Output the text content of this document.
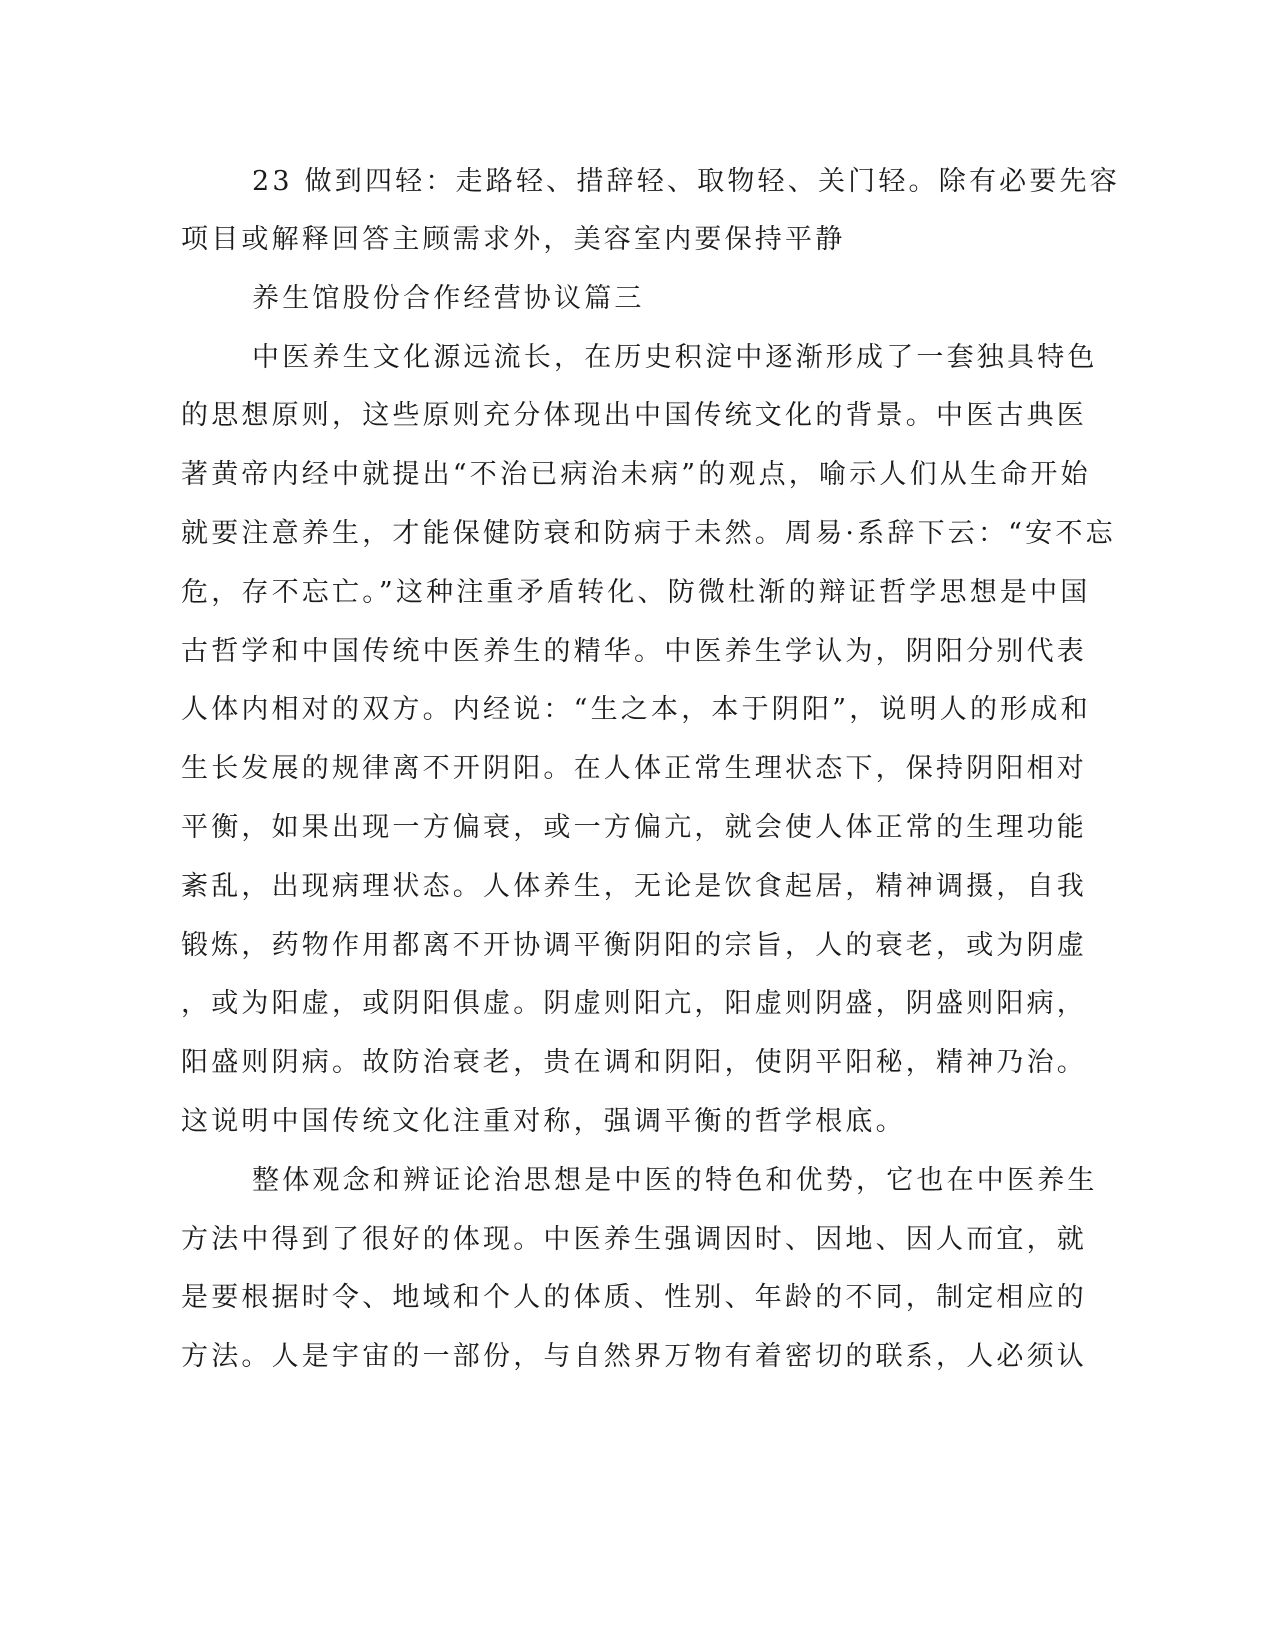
23 做到四轻：走路轻、措辞轻、取物轻、关门轻。除有必要先容
项目或解释回答主顾需求外，美容室内要保持平静
养生馆股份合作经营协议篇三
中医养生文化源远流长，在历史积淀中逐渐形成了一套独具特色
的思想原则，这些原则充分体现出中国传统文化的背景。中医古典医
著黄帝内经中就提出“不治已病治未病”的观点，喻示人们从生命开始
就要注意养生，才能保健防衰和防病于未然。周易·系辞下云：“安不忘
危，存不忘亡。”这种注重矛盾转化、防微杜渐的辩证哲学思想是中国
古哲学和中国传统中医养生的精华。中医养生学认为，阴阳分别代表
人体内相对的双方。内经说：“生之本，本于阴阳”，说明人的形成和
生长发展的规律离不开阴阳。在人体正常生理状态下，保持阴阳相对
平衡，如果出现一方偏衰，或一方偏亢，就会使人体正常的生理功能
紊乱，出现病理状态。人体养生，无论是饮食起居，精神调摄，自我
锻炼，药物作用都离不开协调平衡阴阳的宗旨，人的衰老，或为阴虚
，或为阳虚，或阴阳俱虚。阴虚则阳亢，阳虚则阴盛，阴盛则阳病，
阳盛则阴病。故防治衰老，贵在调和阴阳，使阴平阳秘，精神乃治。
这说明中国传统文化注重对称，强调平衡的哲学根底。
整体观念和辨证论治思想是中医的特色和优势，它也在中医养生
方法中得到了很好的体现。中医养生强调因时、因地、因人而宜，就
是要根据时令、地域和个人的体质、性别、年龄的不同，制定相应的
方法。人是宇宙的一部份，与自然界万物有着密切的联系，人必须认
